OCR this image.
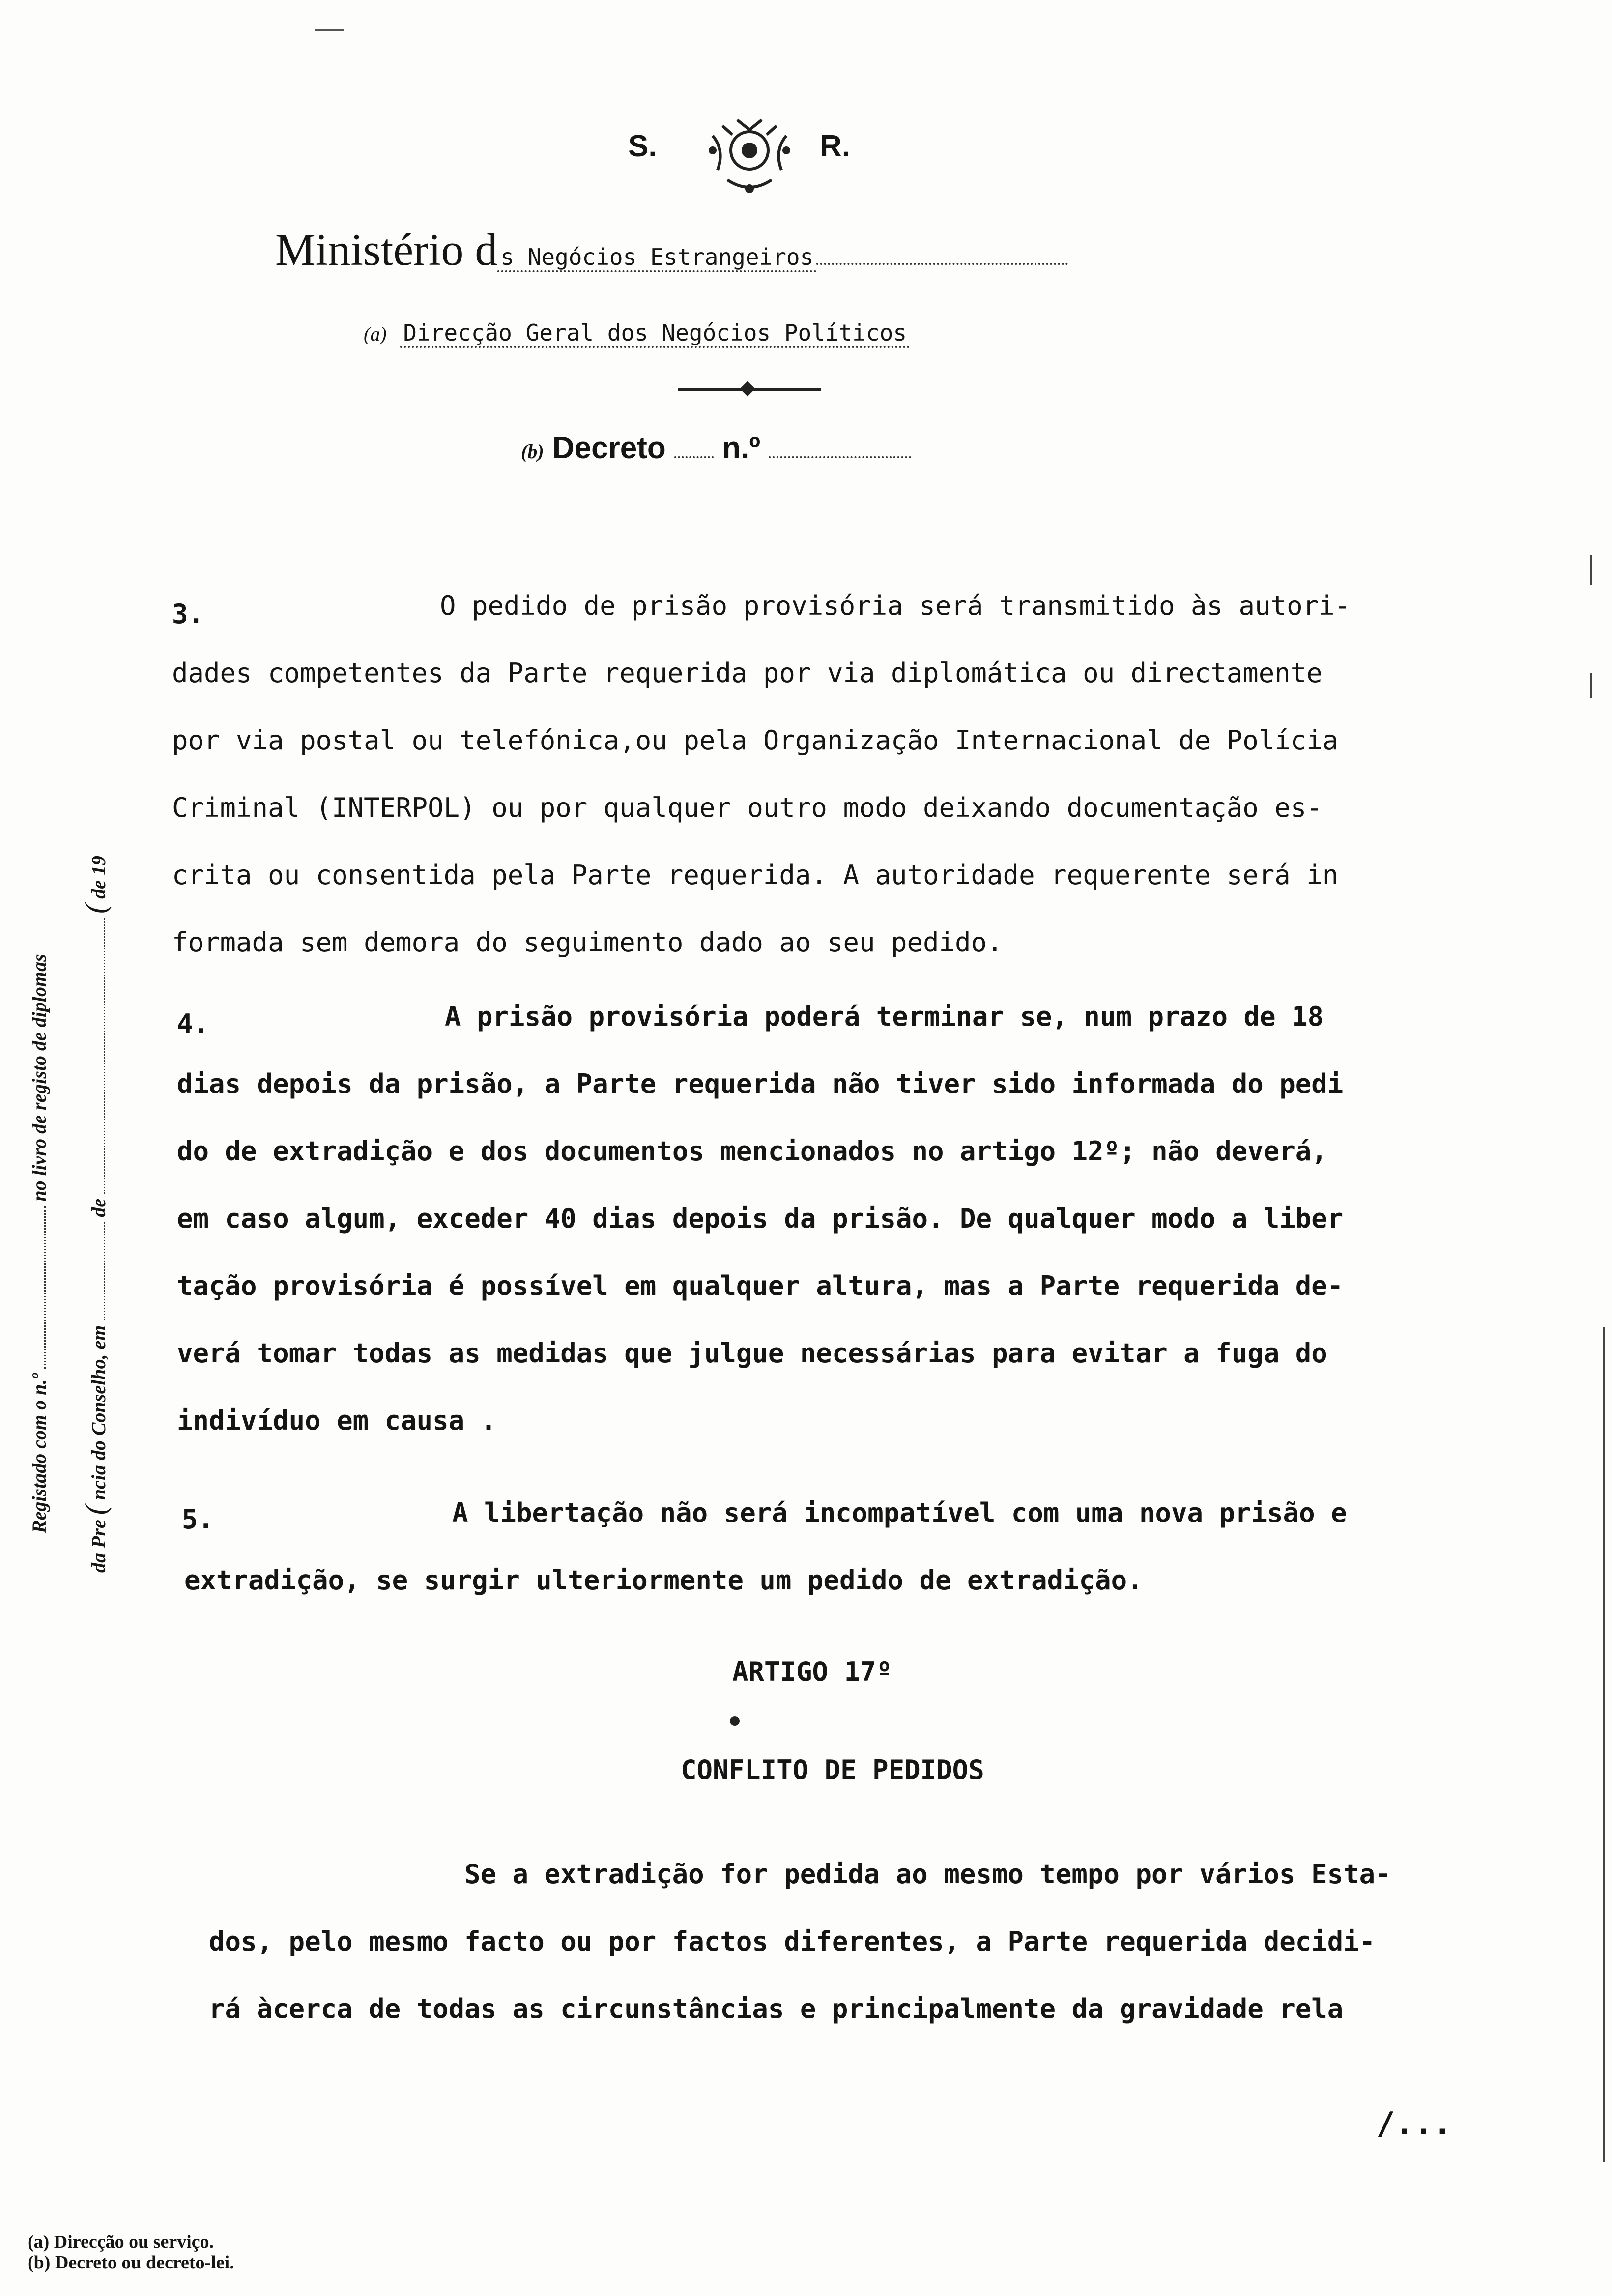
S.	R.
Ministério d s Negócios Estrangeiros
(a) Direcção Geral dos Negócios Políticos
(b) Decreto n.º
Registado com o n.º  no livro de registo de diplomas
da Pre ( ncia do Conselho, em  de  ( de 19
3.	O pedido de prisão provisória será transmitido às autori-
dades competentes da Parte requerida por via diplomática ou directamente
por via postal ou telefónica,ou pela Organização Internacional de Polícia
Criminal (INTERPOL) ou por qualquer outro modo deixando documentação es-
crita ou consentida pela Parte requerida. A autoridade requerente será in
formada sem demora do seguimento dado ao seu pedido.
4.	A prisão provisória poderá terminar se, num prazo de 18
dias depois da prisão, a Parte requerida não tiver sido informada do pedi
do de extradição e dos documentos mencionados no artigo 12º; não deverá,
em caso algum, exceder 40 dias depois da prisão. De qualquer modo a liber
tação provisória é possível em qualquer altura, mas a Parte requerida de-
verá tomar todas as medidas que julgue necessárias para evitar a fuga do
indivíduo em causa .
5.	A libertação não será incompatível com uma nova prisão e
extradição, se surgir ulteriormente um pedido de extradição.
ARTIGO 17º
CONFLITO DE PEDIDOS
Se a extradição for pedida ao mesmo tempo por vários Esta-
dos, pelo mesmo facto ou por factos diferentes, a Parte requerida decidi-
rá àcerca de todas as circunstâncias e principalmente da gravidade rela
/...
(a) Direcção ou serviço.
(b) Decreto ou decreto-lei.
